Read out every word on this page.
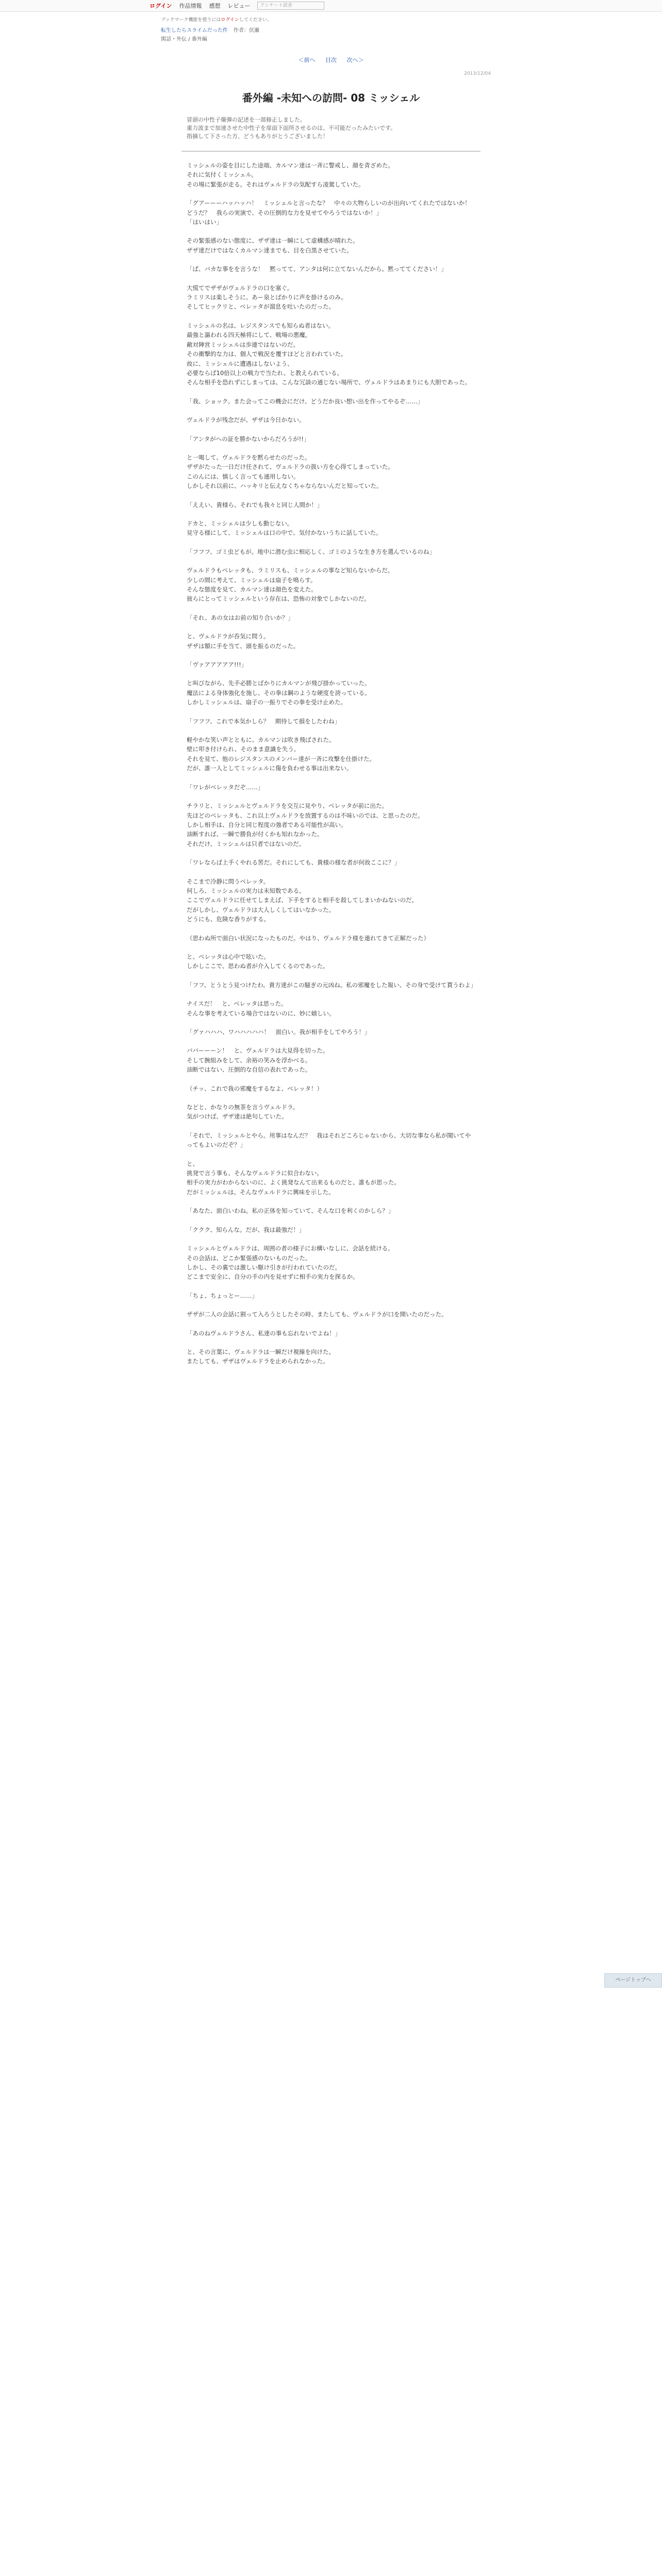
ログイン 作品情報 感想 レビュー	アンケート読者
ブックマーク機能を使うにはログインしてください。
転生したらスライムだった件 作者：伏瀬
閑話・外伝 / 番外編
＜前へ 目次 次へ＞
2013/12/04
番外編 -未知への訪問- 08 ミッシェル
冒頭の中性子爆弾の記述を一部修正しました。
重力波まで加速させた中性子を扉面下面所させるのは、不可能だったみたいです。
指摘して下さった方、どうもありがとうございました！

ミッシェルの姿を目にした途端、カルマン達は一斉に警戒し、顔を青ざめた。
それに気付くミッシェル。
その場に緊張が走る。それはヴェルドラの気配すら凌駕していた。

「ク゚アーーーハッハッハ！　ミッシェルと言ったな？　中々の大物らしいのが出向いてくれたではないか！　どうだ？　我らの実演で、その圧倒的な力を見せてやろうではないか！」
「はいはい」

その緊張感のない態度に、ザザ達は一瞬にして虚構感が晴れた。
ザザ達だけではなくカルマン達までも、目を白黒させていた。

「ば、バカな事をを言うな！　黙ってて、アンタは何に立てないんだから。黙っててください！」

大慌てでザザがヴェルドラの口を塞ぐ。
ラミリスは楽しそうに、あー泉とばかりに声を掛けるのみ。
そしてヒックリと、ベレッタが溜息を吐いたのだった。

ミッシェルの名は、レジスタンスでも知らぬ者はない。
最強と謳われる四天極将にして、戦場の悪魔。
敵対陣営ミッシェルは歩連ではないのだ。
その衝撃的な力は、個人で戦況を覆すほどと言われていた。
故に、ミッシェルに遭遇はしないよう、
必要ならば10倍以上の戦力で当たれ、と教えられている。
そんな相手を恐れずにしまっては、こんな冗談の通じない場所で、ヴェルドラはあまりにも大胆であった。

「我、ショック。また会ってこの機会にだけ、どうだか良い想い出を作ってやるぞ……」

ヴェルドラが残念だが、ザザは今日かない。

「アンタがへの証を勝かないからだろうが!!」

と一喝して、ヴェルドラを黙らせたのだった。
ザザがたった一日だけ任されて、ヴェルドラの扱い方を心得てしまっていた。
このんには、慎しく言っても通用しない。
しかしそれ以前に、ハッキリと伝えなくちゃならないんだと知っていた。

「ええい、貴様ら、それでも我々と同じ人間か！」

ドカと、ミッシェルは少しも動じない。
見守る様にして、ミッシェルは口の中で、気付かないうちに話していた。

「フフフ、ゴミ虫どもが。地中に潜む虫に相応しく、ゴミのような生き方を選んでいるのね」

ヴェルドラもベレッタも、ラミリスも、ミッシェルの事など知らないからだ。
少しの間に考えて、ミッシェルは扇子を鳴らす。
そんな態度を見て、カルマン達は顔色を変えた。
彼らにとってミッシェルという存在は、恐怖の対象でしかないのだ。

「それ、あの女はお前の知り合いか？」

と、ヴェルドラが呑気に問う。
ザザは額に手を当て、頭を振るのだった。

「ヴァアアアアア!!!」

と叫びながら、先手必勝とばかりにカルマンが飛び掛かっていった。
魔法による身体強化を施し、その拳は鋼のような硬度を誇っている。
しかしミッシェルは、扇子の一振りでその拳を受け止めた。

「フフフ、これで本気かしら？　期待して損をしたわね」

軽やかな笑い声とともに、カルマンは吹き飛ばされた。
壁に叩き付けられ、そのまま意識を失う。
それを見て、他のレジスタンスのメンバー達が一斉に攻撃を仕掛けた。
だが、誰一人としてミッシェルに傷を負わせる事は出来ない。

「ワレがベレッタだぞ……」

チラリと、ミッシェルとヴェルドラを交互に見やり、ベレッタが前に出た。
先ほどのベレッタも、これ以上ヴェルドラを放置するのは不味いのでは、と思ったのだ。
しかし相手は、自分と同じ程度の強者である可能性が高い。
油断すれば、一瞬で勝負が付くかも知れなかった。
それだけ、ミッシェルは只者ではないのだ。

「ワレならば上手くやれる筈だ。それにしても、貴様の様な者が何故ここに？」

そこまで冷静に問うベレッタ。
何しろ、ミッシェルの実力は未知数である。
ここでヴェルドラに任せてしまえば、下手をすると相手を殺してしまいかねないのだ。
だがしかし、ヴェルドラは大人しくしてはいなかった。
どうにも、危険な香りがする。

（思わぬ所で面白い状況になったものだ。やはり、ヴェルドラ様を連れてきて正解だった）

と、ベレッタは心中で呟いた。
しかしここで、思わぬ者が介入してくるのであった。

「フフ、とうとう見つけたわ。貴方達がこの騒ぎの元凶ね。私の邪魔をした報い、その身で受けて貰うわよ」

ナイスだ！　と、ベレッタは思った。
そんな事を考えている場合ではないのに、妙に嬉しい。

「ク゚ァハハハ、ワハハハハハ！　面白い。我が相手をしてやろう！」

ババーーーン！　と、ヴェルドラは大見得を切った。
そして腕組みをして、余裕の笑みを浮かべる。
油断ではない、圧倒的な自信の表れであった。

（チッ、これで我の邪魔をするなよ、ベレッタ！）

などと、かなりの無茶を言うヴェルドラ。
気がつけば、ザザ達は絶句していた。

「それで、ミッシェルとやら。用事はなんだ？　我はそれどころじゃないから、大切な事なら私が聞いてやってもよいのだぞ？」

と、
挑発で言う事も、そんなヴェルドラに似合わない。
相手の実力がわからないのに、よく挑発なんて出来るものだと、誰もが思った。
だがミッシェルは、そんなヴェルドラに興味を示した。

「あなた、面白いわね。私の正体を知っていて、そんな口を利くのかしら？」

「ククク、知らんな。だが、我は最強だ！」

ミッシェルとヴェルドラは、周囲の者の様子にお構いなしに、会話を続ける。
その会話は、どこか緊張感のないものだった。
しかし、その裏では激しい駆け引きが行われていたのだ。
どこまで安全に、自分の手の内を見せずに相手の実力を探るか。

「ちょ、ちょっとー……」

ザザが二人の会話に割って入ろうとしたその時、またしても、ヴェルドラが口を開いたのだった。

「あのねヴェルドラさん、私達の事も忘れないでよね！」

と、その言葉に、ヴェルドラは一瞬だけ視線を向けた。
またしても、ザザはヴェルドラを止められなかった。

ページトップへ
